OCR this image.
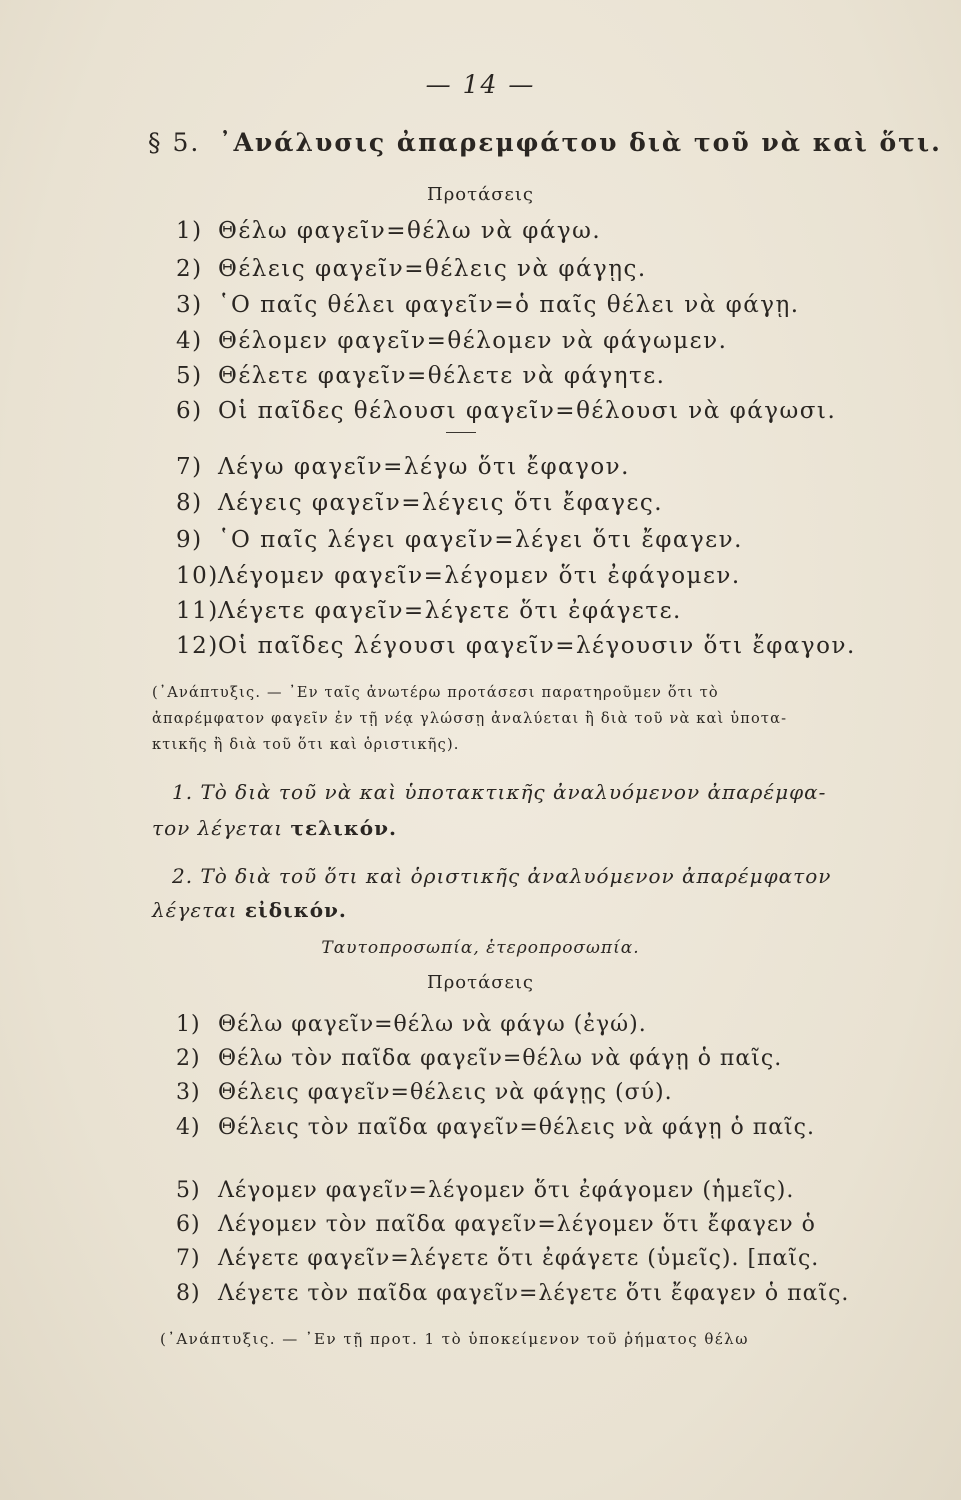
— 14 —
§ 5. ᾿Ανάλυσις ἀπαρεμφάτου διὰ τοῦ νὰ καὶ ὅτι.
Προτάσεις
1) Θέλω φαγεῖν=θέλω νὰ φάγω.
2) Θέλεις φαγεῖν=θέλεις νὰ φάγῃς.
3) ῾Ο παῖς θέλει φαγεῖν=ὁ παῖς θέλει νὰ φάγῃ.
4) Θέλομεν φαγεῖν=θέλομεν νὰ φάγωμεν.
5) Θέλετε φαγεῖν=θέλετε νὰ φάγητε.
6) Οἱ παῖδες θέλουσι φαγεῖν=θέλουσι νὰ φάγωσι.
7) Λέγω φαγεῖν=λέγω ὅτι ἔφαγον.
8) Λέγεις φαγεῖν=λέγεις ὅτι ἔφαγες.
9) ῾Ο παῖς λέγει φαγεῖν=λέγει ὅτι ἔφαγεν.
10)Λέγομεν φαγεῖν=λέγομεν ὅτι ἐφάγομεν.
11)Λέγετε φαγεῖν=λέγετε ὅτι ἐφάγετε.
12)Οἱ παῖδες λέγουσι φαγεῖν=λέγουσιν ὅτι ἔφαγον.
(᾿Ανάπτυξις. — ᾿Εν ταῖς ἀνωτέρω προτάσεσι παρατηροῦμεν ὅτι τὸ
ἀπαρέμφατον φαγεῖν ἐν τῇ νέᾳ γλώσσῃ ἀναλύεται ἢ διὰ τοῦ νὰ καὶ ὑποτα-
κτικῆς ἢ διὰ τοῦ ὅτι καὶ ὁριστικῆς).
1. Τὸ διὰ τοῦ νὰ καὶ ὑποτακτικῆς ἀναλυόμενον ἀπαρέμφα-
τον λέγεται τελικόν.
2. Τὸ διὰ τοῦ ὅτι καὶ ὁριστικῆς ἀναλυόμενον ἀπαρέμφατον
λέγεται εἰδικόν.
Ταυτοπροσωπία, ἑτεροπροσωπία.
Προτάσεις
1) Θέλω φαγεῖν=θέλω νὰ φάγω (ἐγώ).
2) Θέλω τὸν παῖδα φαγεῖν=θέλω νὰ φάγῃ ὁ παῖς.
3) Θέλεις φαγεῖν=θέλεις νὰ φάγῃς (σύ).
4) Θέλεις τὸν παῖδα φαγεῖν=θέλεις νὰ φάγῃ ὁ παῖς.
5) Λέγομεν φαγεῖν=λέγομεν ὅτι ἐφάγομεν (ἡμεῖς).
6) Λέγομεν τὸν παῖδα φαγεῖν=λέγομεν ὅτι ἔφαγεν ὁ
7) Λέγετε φαγεῖν=λέγετε ὅτι ἐφάγετε (ὑμεῖς). [παῖς.
8) Λέγετε τὸν παῖδα φαγεῖν=λέγετε ὅτι ἔφαγεν ὁ παῖς.
(᾿Ανάπτυξις. — ᾿Εν τῇ προτ. 1 τὸ ὑποκείμενον τοῦ ῥήματος θέλω
